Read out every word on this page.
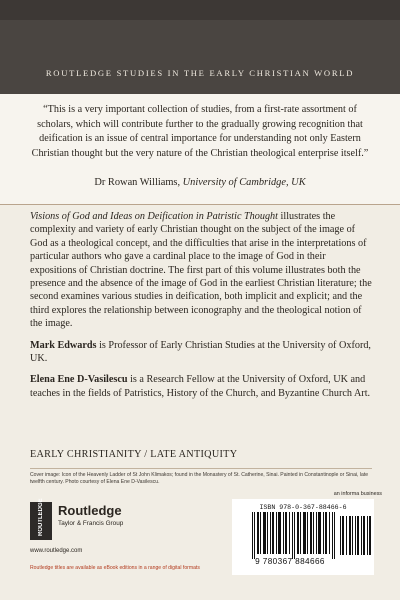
ROUTLEDGE STUDIES IN THE EARLY CHRISTIAN WORLD
“This is a very important collection of studies, from a first-rate assortment of scholars, which will contribute further to the gradually growing recognition that deification is an issue of central importance for understanding not only Eastern Christian thought but the very nature of the Christian theological enterprise itself.”
Dr Rowan Williams, University of Cambridge, UK

Visions of God and Ideas on Deification in Patristic Thought illustrates the complexity and variety of early Christian thought on the subject of the image of God as a theological concept, and the difficulties that arise in the interpretations of particular authors who gave a cardinal place to the image of God in their expositions of Christian doctrine. The first part of this volume illustrates both the presence and the absence of the image of God in the earliest Christian literature; the second examines various studies in deification, both implicit and explicit; and the third explores the relationship between iconography and the theological notion of the image.

Mark Edwards is Professor of Early Christian Studies at the University of Oxford, UK.

Elena Ene D-Vasilescu is a Research Fellow at the University of Oxford, UK and teaches in the fields of Patristics, History of the Church, and Byzantine Church Art.

EARLY CHRISTIANITY / LATE ANTIQUITY
Cover image: Icon of the Heavenly Ladder of St John Klimakos; found in the Monastery of St. Catherine, Sinai. Painted in Constantinople or Sinai, late twelfth century. Photo courtesy of Elena Ene D-Vasilescu.
an informa business
ROUTLEDGE	Routledge
Taylor & Francis Group
www.routledge.com
Routledge titles are available as eBook editions in a range of digital formats
ISBN 978-0-367-88466-6
9 780367 884666
